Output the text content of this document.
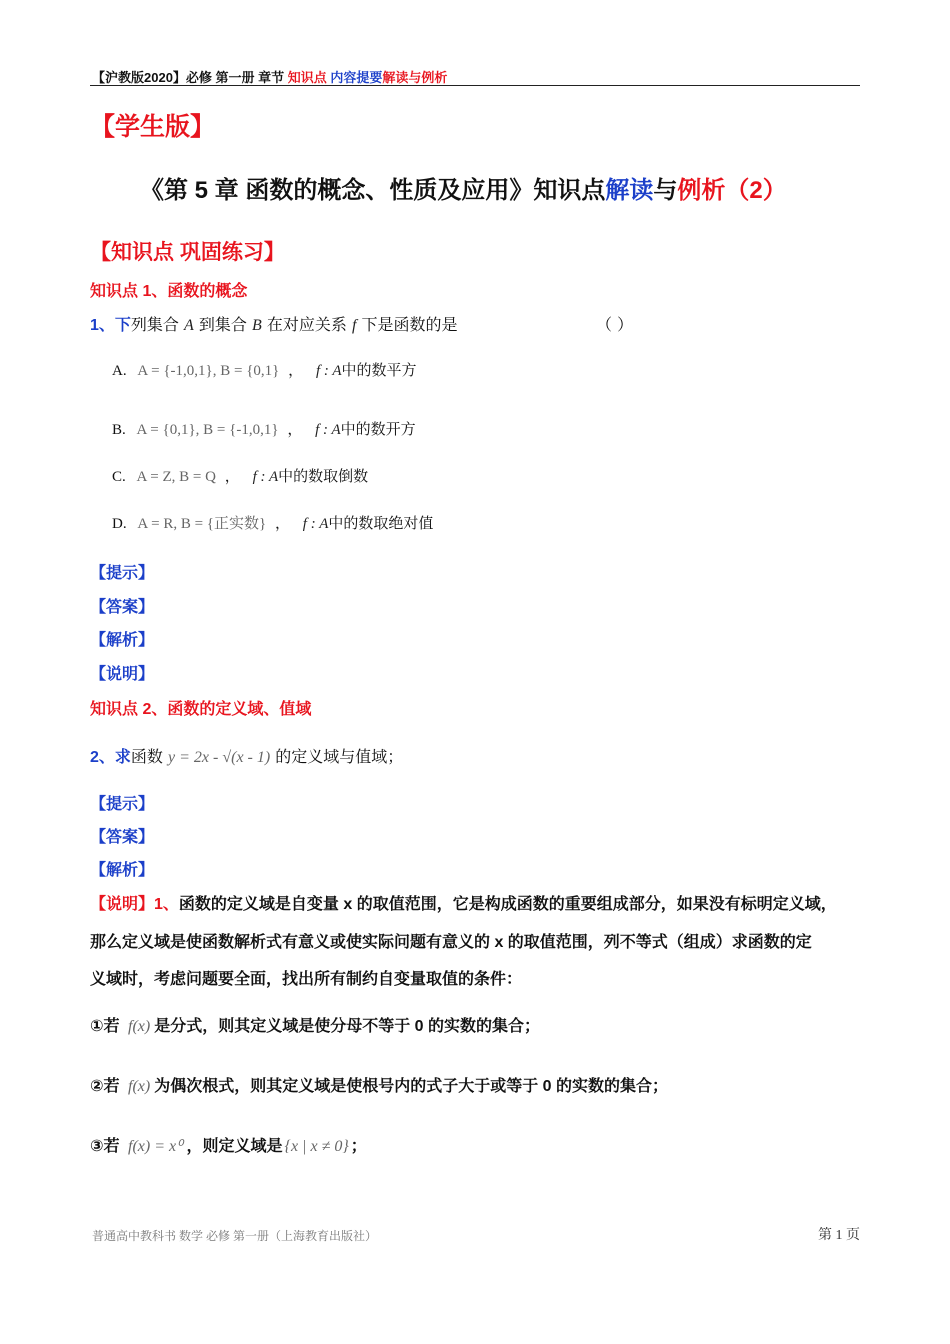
【沪教版2020】必修 第一册 章节 知识点 内容提要解读与例析
【学生版】
《第 5 章 函数的概念、性质及应用》知识点解读与例析（2）
【知识点 巩固练习】
知识点 1、函数的概念
1、下列集合 A 到集合 B 在对应关系 f 下是函数的是	（ ）
A. A = {-1,0,1}, B = {0,1} ， f : A中的数平方
B. A = {0,1}, B = {-1,0,1} ， f : A中的数开方
C. A = Z, B = Q ， f : A中的数取倒数
D. A = R, B = {正实数} ， f : A中的数取绝对值
【提示】
【答案】
【解析】
【说明】
知识点 2、函数的定义域、值域
2、求函数 y = 2x - √(x - 1) 的定义域与值域；
【提示】
【答案】
【解析】
【说明】1、函数的定义域是自变量 x 的取值范围，它是构成函数的重要组成部分，如果没有标明定义域，
那么定义域是使函数解析式有意义或使实际问题有意义的 x 的取值范围，列不等式（组成）求函数的定
义域时，考虑问题要全面，找出所有制约自变量取值的条件：
①若 f(x) 是分式，则其定义域是使分母不等于 0 的实数的集合；
②若 f(x) 为偶次根式，则其定义域是使根号内的式子大于或等于 0 的实数的集合；
③若 f(x) = x⁰ ，则定义域是 {x | x ≠ 0} ；
普通高中教科书 数学 必修 第一册（上海教育出版社）	第 1 页
